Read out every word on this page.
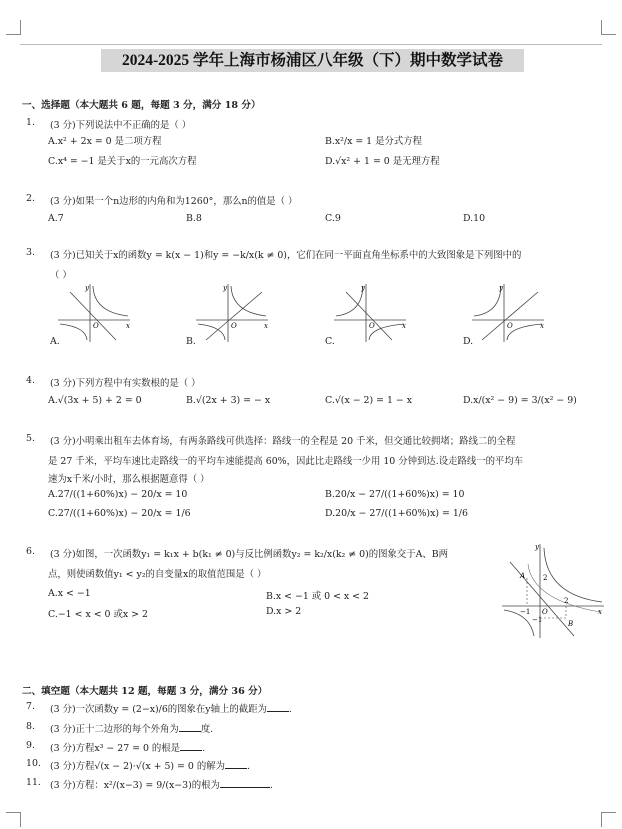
2024-2025 学年上海市杨浦区八年级（下）期中数学试卷
一、选择题（本大题共 6 题，每题 3 分，满分 18 分）
1. (3 分)下列说法中不正确的是（ ）
A.x² + 2x = 0 是二项方程	B.x²/x = 1 是分式方程
C.x⁴ = −1 是关于x的一元高次方程	D.√x² + 1 = 0 是无理方程
2. (3 分)如果一个n边形的内角和为1260°，那么n的值是（ ）
A.7	B.8	C.9	D.10
3. (3 分)已知关于x的函数y = k(x − 1)和y = −k/x(k ≠ 0)，它们在同一平面直角坐标系中的大致图象是下列图中的
（ ）
y
x
O
A.
y
x
O
B.
y
x
O
C.
y
x
O
D.
4. (3 分)下列方程中有实数根的是（ ）
A.√(3x + 5) + 2 = 0	B.√(2x + 3) = − x	C.√(x − 2) = 1 − x	D.x/(x² − 9) = 3/(x² − 9)
5. (3 分)小明乘出租车去体育场，有两条路线可供选择：路线一的全程是 20 千米，但交通比较拥堵；路线二的全程
是 27 千米，平均车速比走路线一的平均车速能提高 60%，因此比走路线一少用 10 分钟到达.设走路线一的平均车
速为x千米/小时，那么根据题意得（ ）
A.27/((1+60%)x) − 20/x = 10	B.20/x − 27/((1+60%)x) = 10
C.27/((1+60%)x) − 20/x = 1/6	D.20/x − 27/((1+60%)x) = 1/6
6. (3 分)如图，一次函数y₁ = k₁x + b(k₁ ≠ 0)与反比例函数y₂ = k₂/x(k₂ ≠ 0)的图象交于A、B两
点，则使函数值y₁ < y₂的自变量x的取值范围是（ ）
A.x < −1	B.x < −1 或 0 < x < 2
C.−1 < x < 0 或x > 2	D.x > 2
y
x
A
B
O
−1
2
−1
2
二、填空题（本大题共 12 题，每题 3 分，满分 36 分）
7. (3 分)一次函数y = (2−x)/6的图象在y轴上的截距为 .
8. (3 分)正十二边形的每个外角为 度.
9. (3 分)方程x³ − 27 = 0 的根是 .
10. (3 分)方程√(x − 2)·√(x + 5) = 0 的解为 .
11. (3 分)方程：x²/(x−3) = 9/(x−3)的根为	.
